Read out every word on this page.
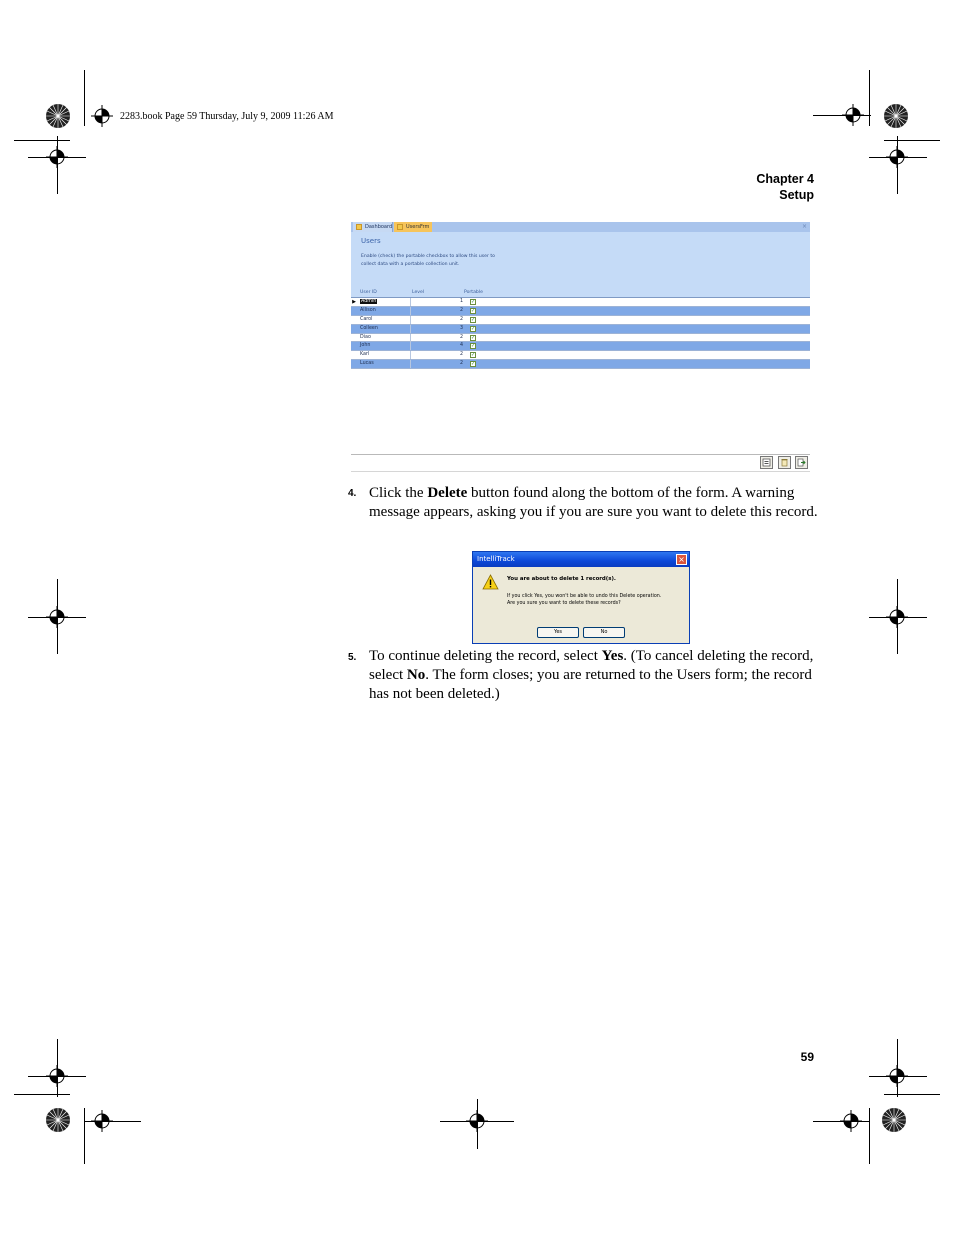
2283.book Page 59 Thursday, July 9, 2009 11:26 AM
Chapter 4
Setup
Dashboard	UsersFrm	×
Users
Enable (check) the portable checkbox to allow this user to collect data with a portable collection unit.
User ID	Level	Portable
▶	Admin	1	✓
Allison	2	✓
Carol	2	✓
Colleen	3	✓
Diao	2	✓
John	4	✓
Karl	2	✓
Lucas	2	✓
4. Click the Delete button found along the bottom of the form. A warning message appears, asking you if you are sure you want to delete this record.
IntelliTrack	×
You are about to delete 1 record(s).
If you click Yes, you won't be able to undo this Delete operation.
Are you sure you want to delete these records?
Yes	No
5. To continue deleting the record, select Yes. (To cancel deleting the record, select No. The form closes; you are returned to the Users form; the record has not been deleted.)
59
